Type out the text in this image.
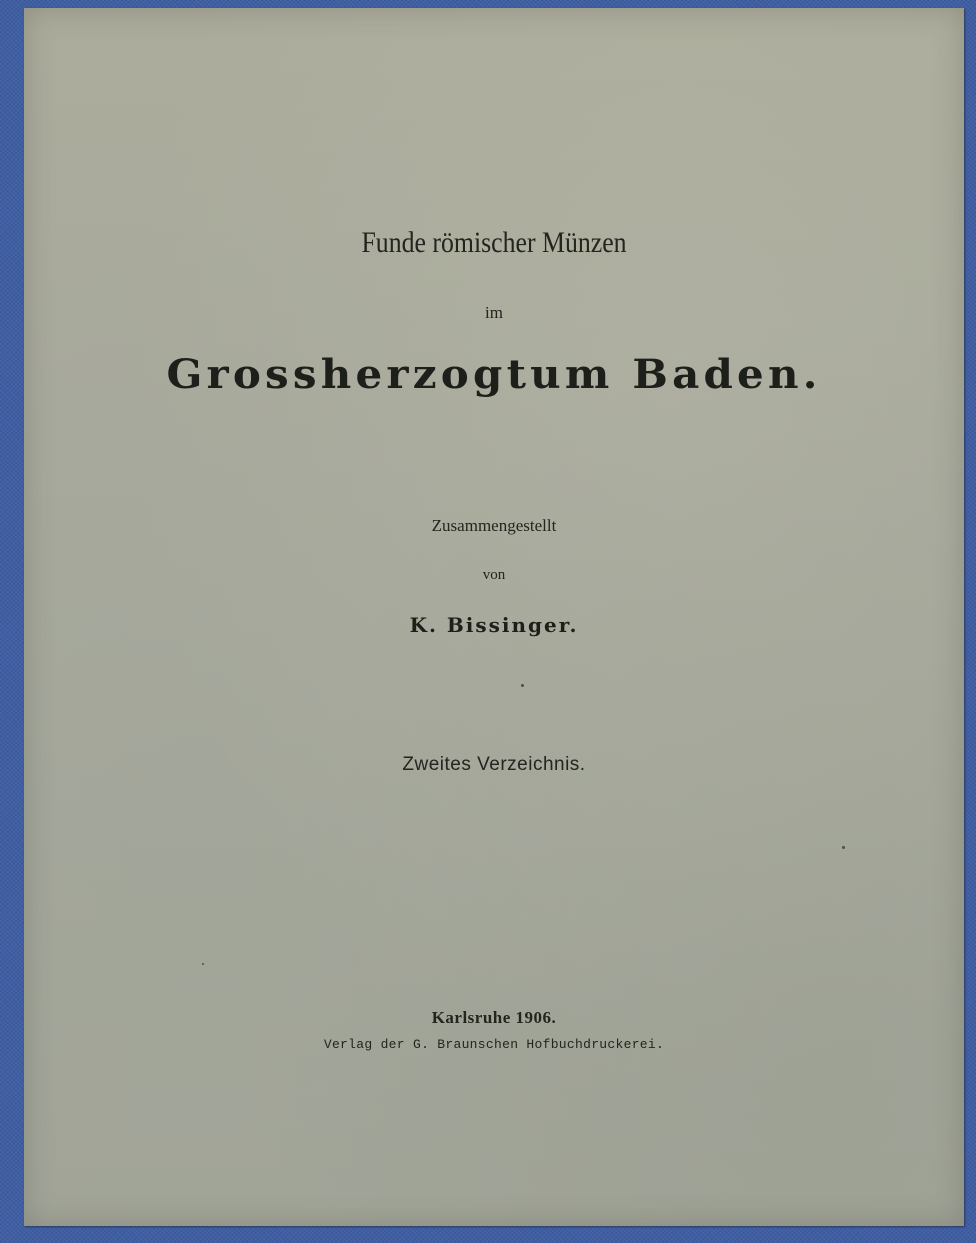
Funde römischer Münzen
im
Grossherzogtum Baden.
Zusammengestellt
von
K. Bissinger.
Zweites Verzeichnis.
Karlsruhe 1906.
Verlag der G. Braunschen Hofbuchdruckerei.
